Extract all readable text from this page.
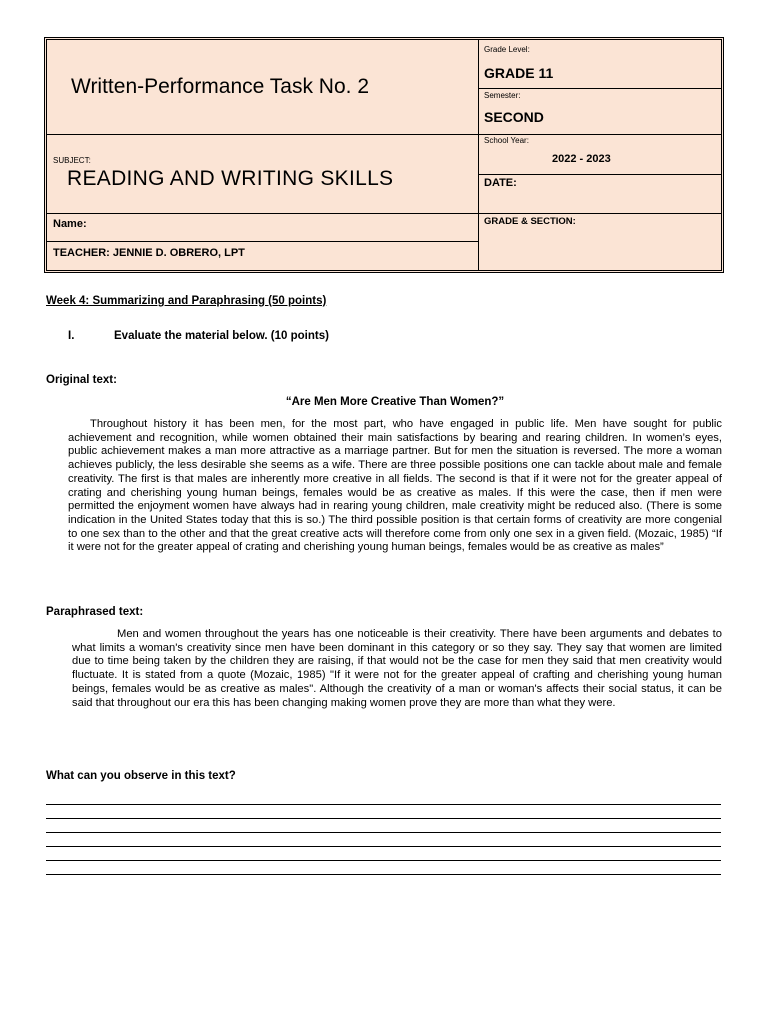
Written-Performance Task No. 2
SUBJECT:
READING AND WRITING SKILLS
Name:
TEACHER: JENNIE D. OBRERO, LPT
Grade Level:
GRADE 11
Semester:
SECOND
School Year:
2022 - 2023
DATE:
GRADE & SECTION:
Week 4: Summarizing and Paraphrasing (50 points)
I.	Evaluate the material below. (10 points)
Original text:
“Are Men More Creative Than Women?”
Throughout history it has been men, for the most part, who have engaged in public life. Men have sought for public achievement and recognition, while women obtained their main satisfactions by bearing and rearing children. In women’s eyes, public achievement makes a man more attractive as a marriage partner. But for men the situation is reversed. The more a woman achieves publicly, the less desirable she seems as a wife. There are three possible positions one can tackle about male and female creativity. The first is that males are inherently more creative in all fields. The second is that if it were not for the greater appeal of crating and cherishing young human beings, females would be as creative as males. If this were the case, then if men were permitted the enjoyment women have always had in rearing young children, male creativity might be reduced also. (There is some indication in the United States today that this is so.) The third possible position is that certain forms of creativity are more congenial to one sex than to the other and that the great creative acts will therefore come from only one sex in a given field. (Mozaic, 1985) “If it were not for the greater appeal of crating and cherishing young human beings, females would be as creative as males”
Paraphrased text:
Men and women throughout the years has one noticeable is their creativity. There have been arguments and debates to what limits a woman's creativity since men have been dominant in this category or so they say. They say that women are limited due to time being taken by the children they are raising, if that would not be the case for men they said that men creativity would fluctuate. It is stated from a quote (Mozaic, 1985) "If it were not for the greater appeal of crafting and cherishing young human beings, females would be as creative as males". Although the creativity of a man or woman's affects their social status, it can be said that throughout our era this has been changing making women prove they are more than what they were.
What can you observe in this text?
